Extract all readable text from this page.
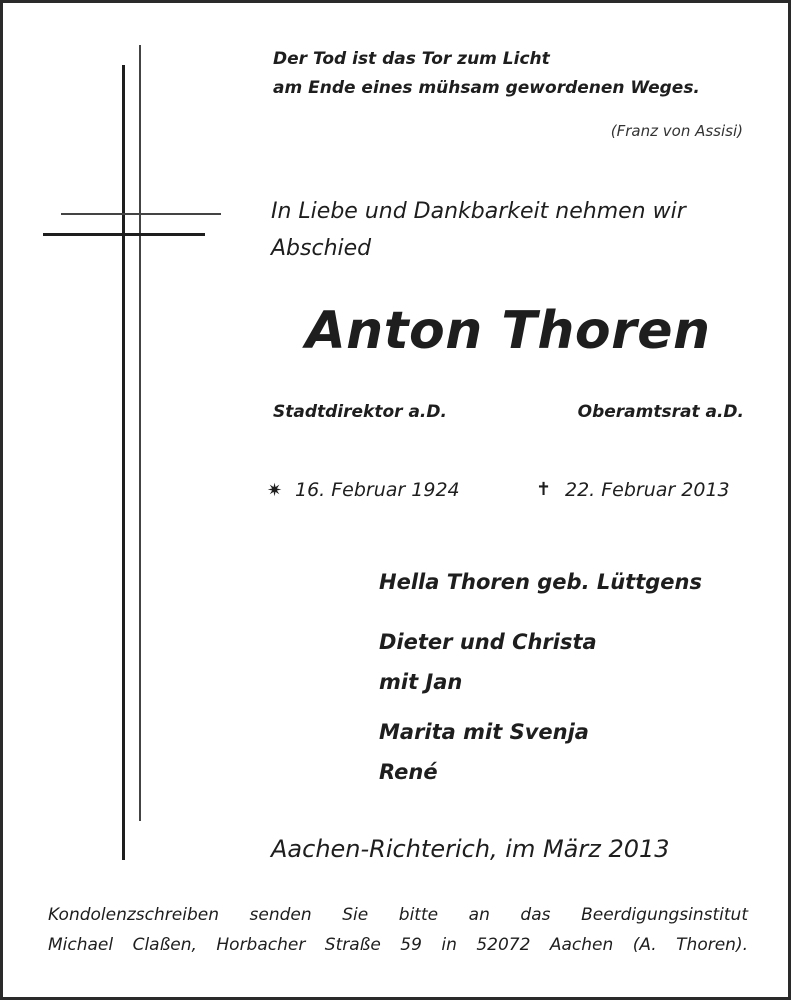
Der Tod ist das Tor zum Licht

am Ende eines mühsam gewordenen Weges.

(Franz von Assisi)

In Liebe und Dankbarkeit nehmen wir

Abschied

Anton Thoren

Stadtdirektor a.D.	Oberamtsrat a.D.

✷ 16. Februar 1924	✝ 22. Februar 2013

Hella Thoren geb. Lüttgens

Dieter und Christa

mit Jan

Marita mit Svenja

René

Aachen-Richterich, im März 2013

Kondolenzschreiben senden Sie bitte an das Beerdigungsinstitut
Michael Claßen, Horbacher Straße 59 in 52072 Aachen (A. Thoren).
